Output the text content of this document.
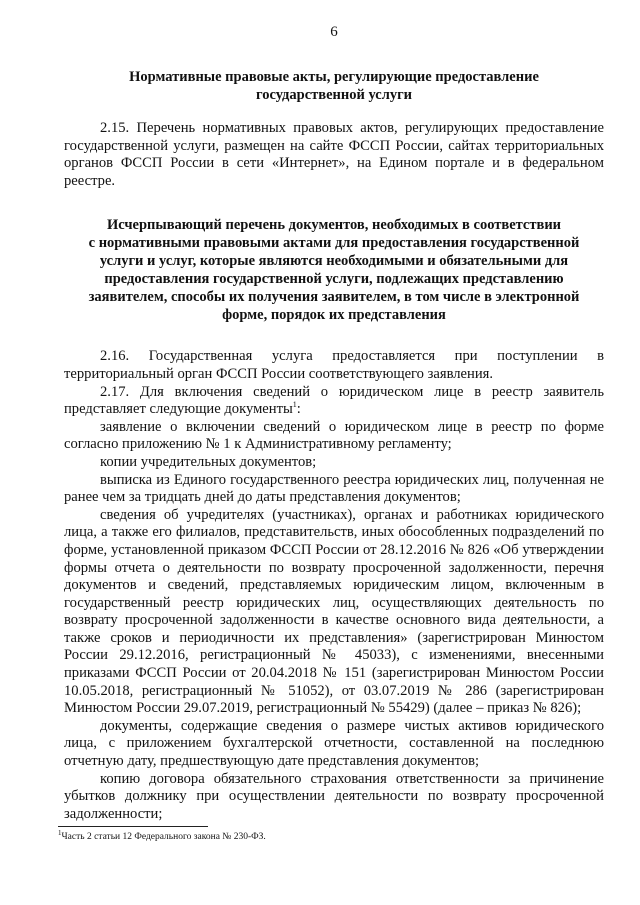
6
Нормативные правовые акты, регулирующие предоставление
государственной услуги

2.15. Перечень нормативных правовых актов, регулирующих предоставление государственной услуги, размещен на сайте ФССП России, сайтах территориальных органов ФССП России в сети «Интернет», на Едином портале и в федеральном реестре.

Исчерпывающий перечень документов, необходимых в соответствии
с нормативными правовыми актами для предоставления государственной
услуги и услуг, которые являются необходимыми и обязательными для
предоставления государственной услуги, подлежащих представлению
заявителем, способы их получения заявителем, в том числе в электронной
форме, порядок их представления

2.16. Государственная услуга предоставляется при поступлении в территориальный орган ФССП России соответствующего заявления.

2.17. Для включения сведений о юридическом лице в реестр заявитель представляет следующие документы$^1$:

заявление о включении сведений о юридическом лице в реестр по форме согласно приложению № 1 к Административному регламенту;

копии учредительных документов;

выписка из Единого государственного реестра юридических лиц, полученная не ранее чем за тридцать дней до даты представления документов;

сведения об учредителях (участниках), органах и работниках юридического лица, а также его филиалов, представительств, иных обособленных подразделений по форме, установленной приказом ФССП России от 28.12.2016 № 826 «Об утверждении формы отчета о деятельности по возврату просроченной задолженности, перечня документов и сведений, представляемых юридическим лицом, включенным в государственный реестр юридических лиц, осуществляющих деятельность по возврату просроченной задолженности в качестве основного вида деятельности, а также сроков и периодичности их представления» (зарегистрирован Минюстом России 29.12.2016, регистрационный № 45033), с изменениями, внесенными приказами ФССП России от 20.04.2018 № 151 (зарегистрирован Минюстом России 10.05.2018, регистрационный № 51052), от 03.07.2019 № 286 (зарегистрирован Минюстом России 29.07.2019, регистрационный № 55429) (далее – приказ № 826);

документы, содержащие сведения о размере чистых активов юридического лица, с приложением бухгалтерской отчетности, составленной на последнюю отчетную дату, предшествующую дате представления документов;

копию договора обязательного страхования ответственности за причинение убытков должнику при осуществлении деятельности по возврату просроченной задолженности;

$^1$Часть 2 статьи 12 Федерального закона № 230-ФЗ.
